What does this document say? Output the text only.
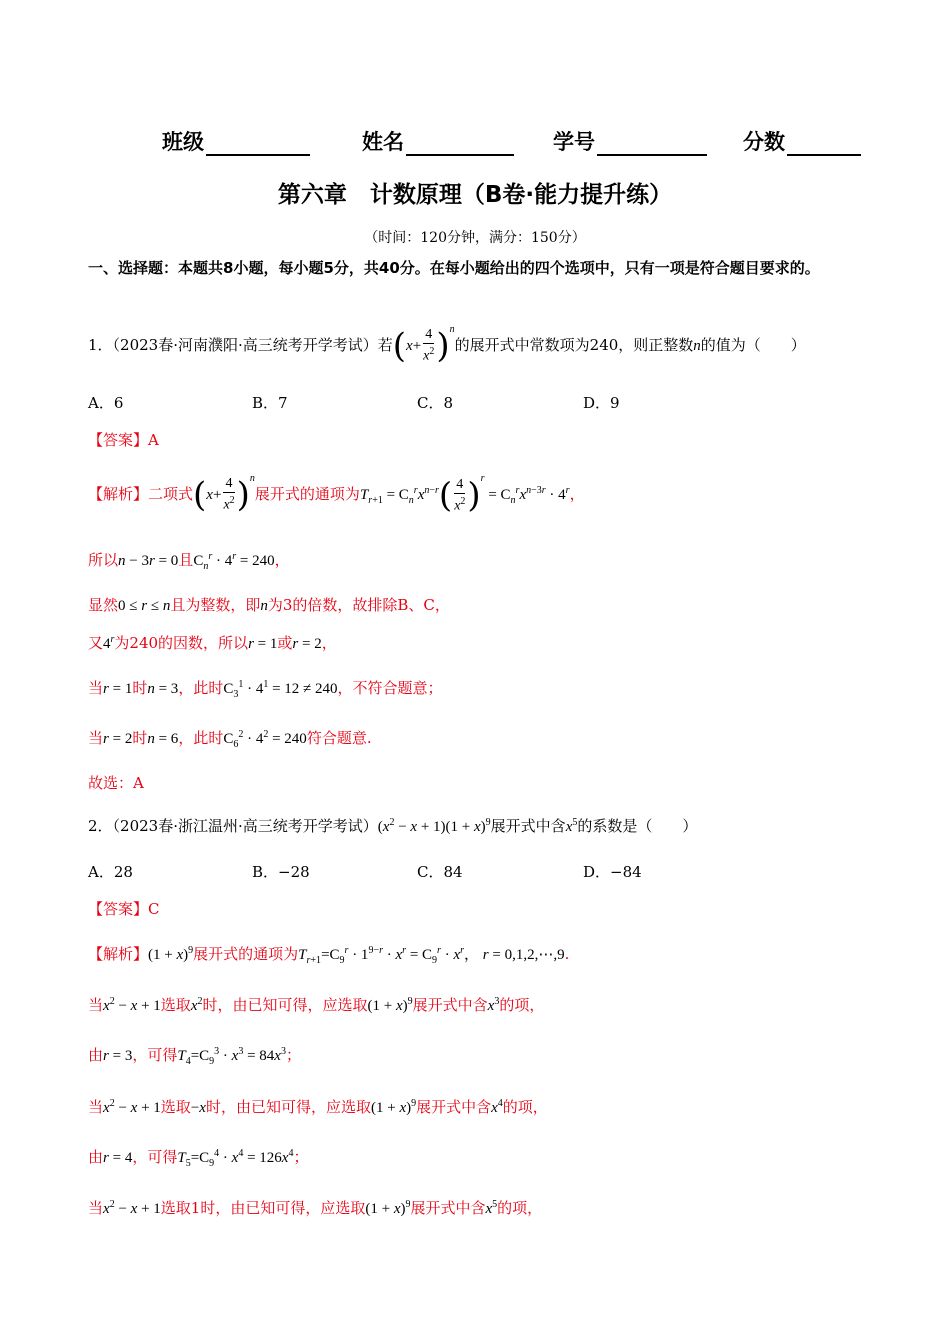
班级	姓名	学号	分数
第六章　计数原理（B卷·能力提升练）
（时间：120分钟，满分：150分）
一、选择题：本题共8小题，每小题5分，共40分。在每小题给出的四个选项中，只有一项是符合题目要求的。
1．（2023春·河南濮阳·高三统考开学考试）若$(x+ \frac{4}{x^2} )^n$的展开式中常数项为240，则正整数n的值为（　　）
A．6	B．7	C．8	D．9
【答案】A
【解析】二项式$(x+ \frac{4}{x^2} )^n$展开式的通项为$T_{r+1} = C_n^rx^{n-r}( \frac{4}{x^2} )^r = C_n^rx^{n-3r} \cdot 4^r$，
所以n − 3r = 0且$C_n^r \cdot 4^r = 240$，
显然0 ≤ r ≤ n且为整数，即n为3的倍数，故排除B、C，
又4$^r$为240的因数，所以r = 1或r = 2，
当r = 1时n = 3，此时$C_3^1 \cdot 4^1 = 12 \ne 240$，不符合题意；
当r = 2时n = 6，此时$C_6^2 \cdot 4^2 = 240$符合题意.
故选：A
2．（2023春·浙江温州·高三统考开学考试）$(x^2 - x + 1)(1 + x)^9$展开式中含$x^5$的系数是（　　）
A．28	B．−28	C．84	D．−84
【答案】C
【解析】$(1 + x)^9$展开式的通项为$T_{r+1}=C_9^r \cdot 1^{9-r} \cdot x^r = C_9^r \cdot x^r$， r = 0,1,2,⋯,9.
当$x^2 - x + 1$选取$x^2$时，由已知可得，应选取$(1 + x)^9$展开式中含$x^3$的项，
由r = 3，可得$T_4=C_9^3 \cdot x^3 = 84x^3$；
当$x^2 - x + 1$选取−x时，由已知可得，应选取$(1 + x)^9$展开式中含$x^4$的项，
由r = 4，可得$T_5=C_9^4 \cdot x^4 = 126x^4$；
当$x^2 - x + 1$选取1时，由已知可得，应选取$(1 + x)^9$展开式中含$x^5$的项，
